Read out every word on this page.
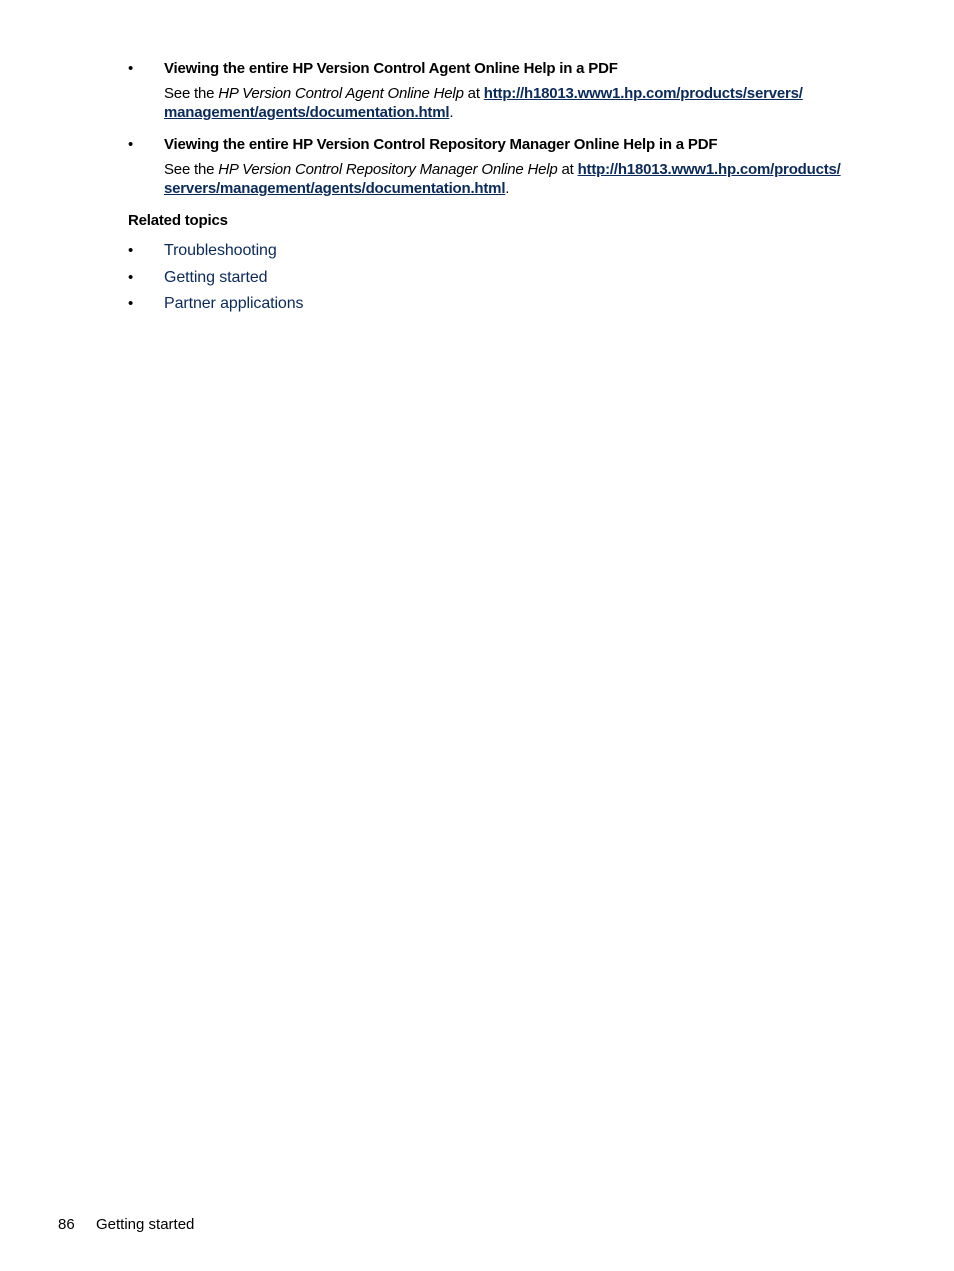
• Viewing the entire HP Version Control Agent Online Help in a PDF
See the HP Version Control Agent Online Help at http://h18013.www1.hp.com/products/servers/
management/agents/documentation.html.
• Viewing the entire HP Version Control Repository Manager Online Help in a PDF
See the HP Version Control Repository Manager Online Help at http://h18013.www1.hp.com/products/
servers/management/agents/documentation.html.
Related topics
• Troubleshooting
• Getting started
• Partner applications
86 Getting started
